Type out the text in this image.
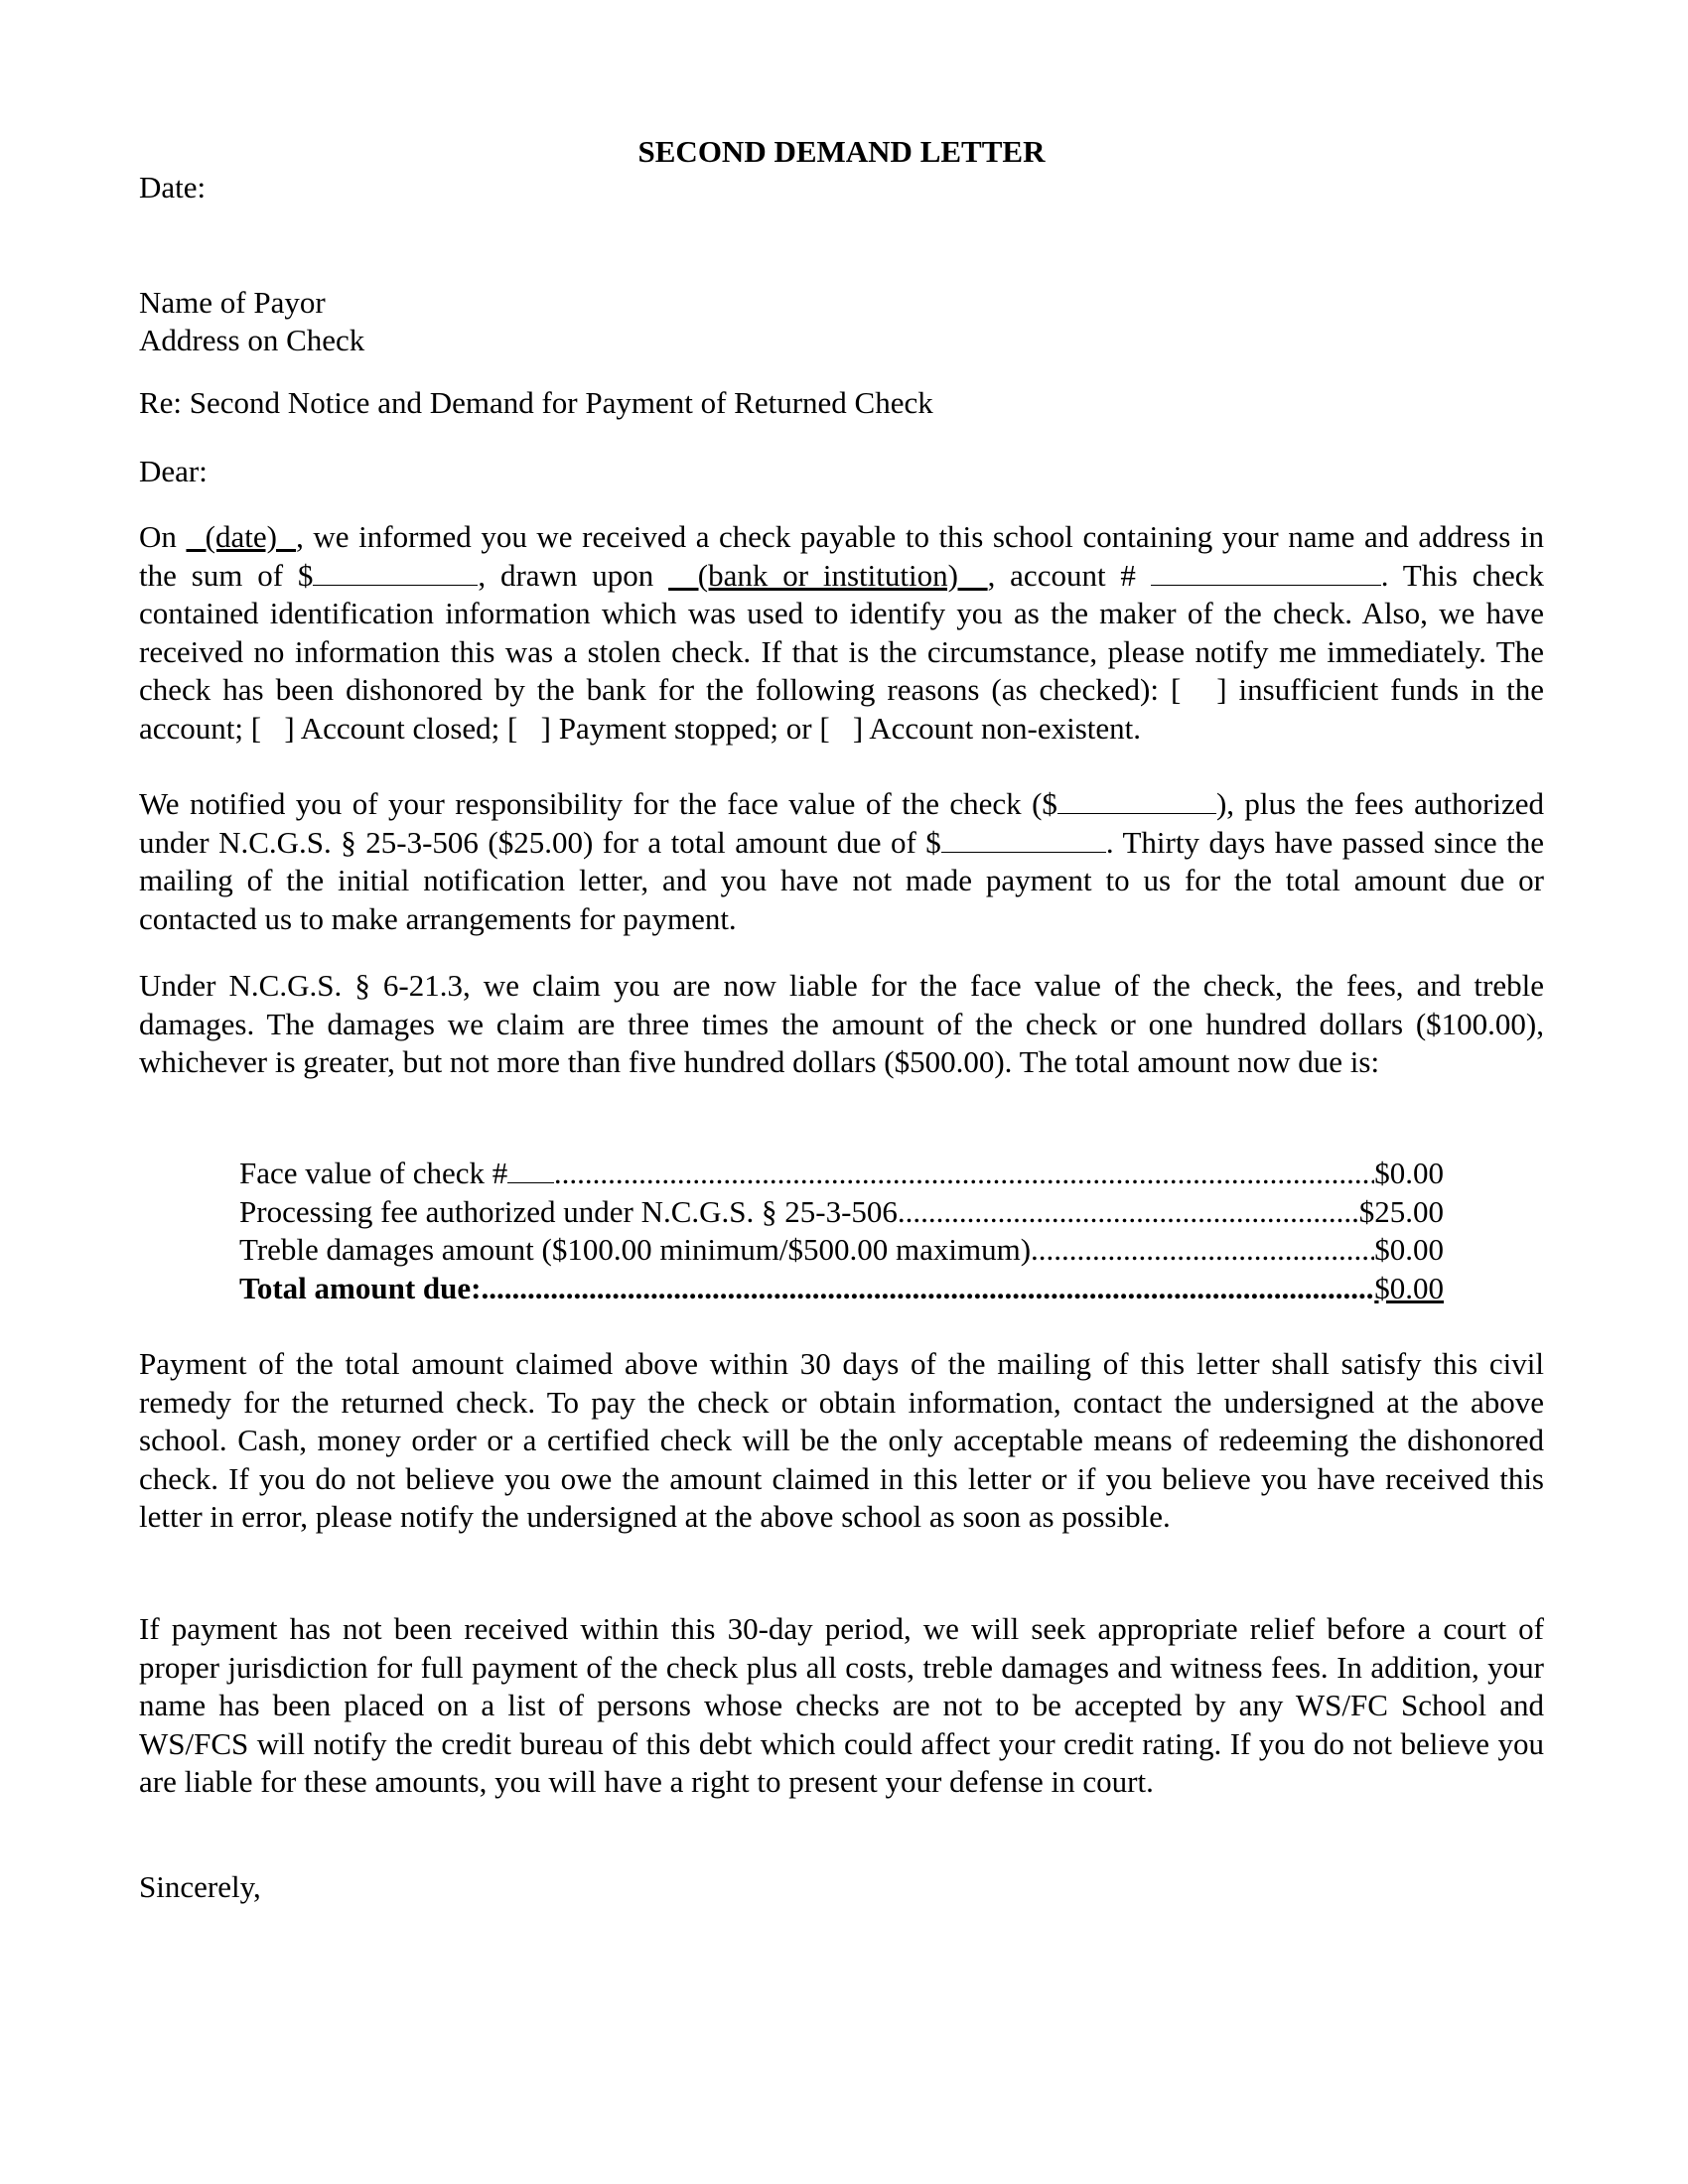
SECOND DEMAND LETTER
Date:
Name of Payor
Address on Check
Re: Second Notice and Demand for Payment of Returned Check
Dear:
On   (date)  , we informed you we received a check payable to this school containing your name and address in the sum of $	, drawn upon   (bank or institution)  , account #	. This check contained identification information which was used to identify you as the maker of the check. Also, we have received no information this was a stolen check. If that is the circumstance, please notify me immediately. The check has been dishonored by the bank for the following reasons (as checked): [   ] insufficient funds in the account; [   ] Account closed; [   ] Payment stopped; or [   ] Account non-existent.
We notified you of your responsibility for the face value of the check ($	), plus the fees authorized under N.C.G.S. § 25-3-506 ($25.00) for a total amount due of $	. Thirty days have passed since the mailing of the initial notification letter, and you have not made payment to us for the total amount due or contacted us to make arrangements for payment.
Under N.C.G.S. § 6-21.3, we claim you are now liable for the face value of the check, the fees, and treble damages. The damages we claim are three times the amount of the check or one hundred dollars ($100.00), whichever is greater, but not more than five hundred dollars ($500.00). The total amount now due is:
Face value of check # .....	$0.00
Processing fee authorized under N.C.G.S. § 25-3-506 .....	$25.00
Treble damages amount ($100.00 minimum/$500.00 maximum) .....	$0.00
Total amount due: .....	$0.00
Payment of the total amount claimed above within 30 days of the mailing of this letter shall satisfy this civil remedy for the returned check. To pay the check or obtain information, contact the undersigned at the above school. Cash, money order or a certified check will be the only acceptable means of redeeming the dishonored check. If you do not believe you owe the amount claimed in this letter or if you believe you have received this letter in error, please notify the undersigned at the above school as soon as possible.
If payment has not been received within this 30-day period, we will seek appropriate relief before a court of proper jurisdiction for full payment of the check plus all costs, treble damages and witness fees. In addition, your name has been placed on a list of persons whose checks are not to be accepted by any WS/FC School and WS/FCS will notify the credit bureau of this debt which could affect your credit rating. If you do not believe you are liable for these amounts, you will have a right to present your defense in court.
Sincerely,
